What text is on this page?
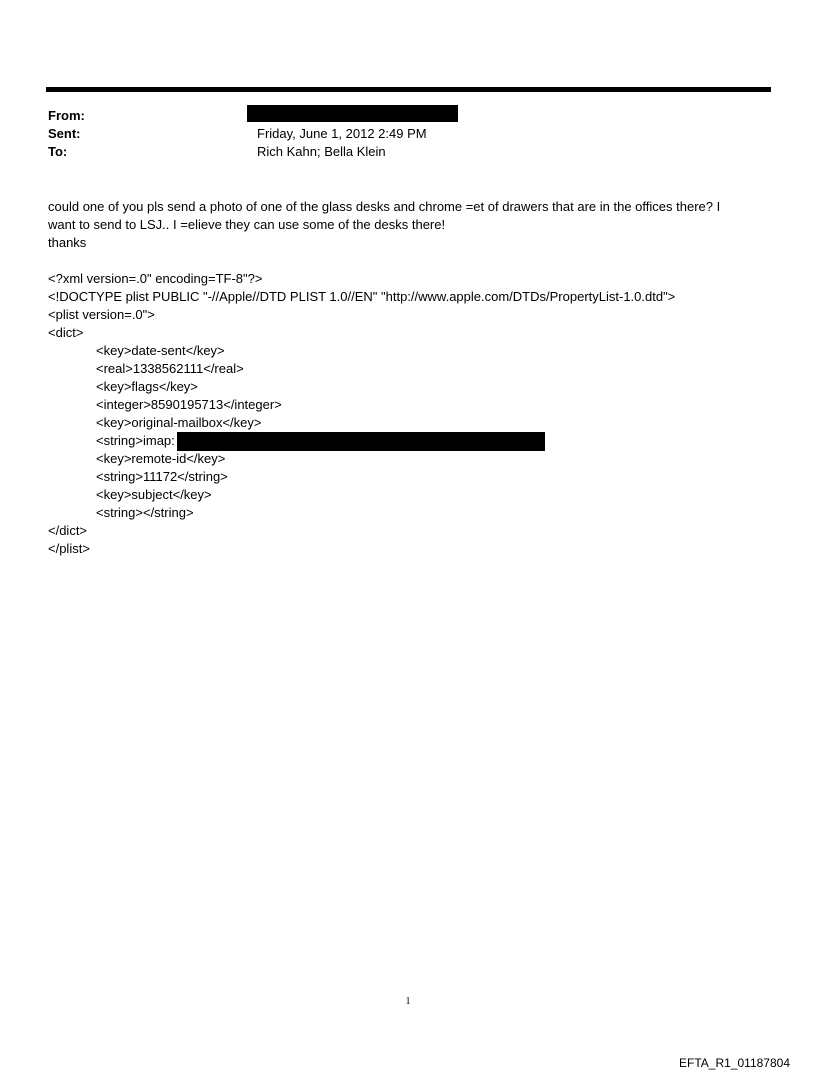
From:
Sent:	Friday, June 1, 2012 2:49 PM
To:	Rich Kahn; Bella Klein
could one of you pls send a photo of one of the glass desks and chrome =et of drawers that are in the offices there? I
want to send to LSJ.. I =elieve they can use some of the desks there!
thanks
<?xml version=.0" encoding=TF-8"?>
<!DOCTYPE plist PUBLIC "-//Apple//DTD PLIST 1.0//EN" "http://www.apple.com/DTDs/PropertyList-1.0.dtd">
<plist version=.0">
<dict>
<key>date-sent</key>
<real>1338562111</real>
<key>flags</key>
<integer>8590195713</integer>
<key>original-mailbox</key>
<string>imap:
<key>remote-id</key>
<string>11172</string>
<key>subject</key>
<string></string>
</dict>
</plist>
1
EFTA_R1_01187804
